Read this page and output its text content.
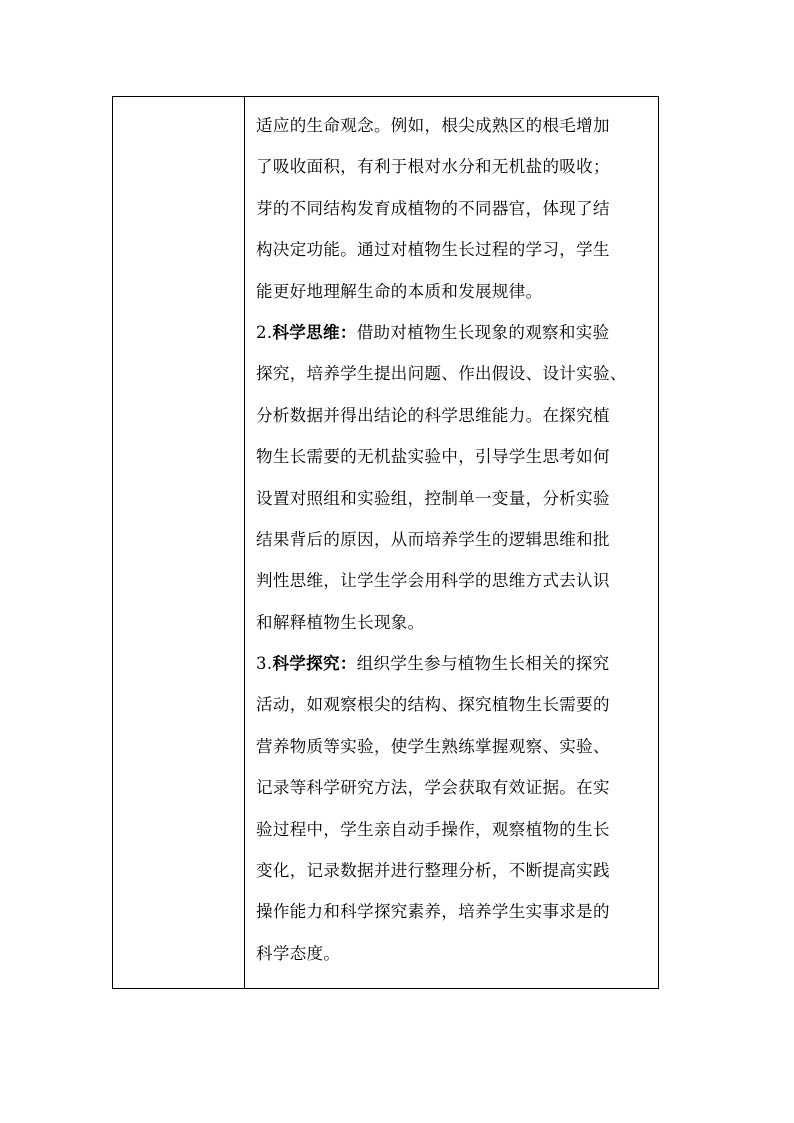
适应的生命观念。例如，根尖成熟区的根毛增加
了吸收面积，有利于根对水分和无机盐的吸收；
芽的不同结构发育成植物的不同器官，体现了结
构决定功能。通过对植物生长过程的学习，学生
能更好地理解生命的本质和发展规律。
2.科学思维：借助对植物生长现象的观察和实验
探究，培养学生提出问题、作出假设、设计实验、
分析数据并得出结论的科学思维能力。在探究植
物生长需要的无机盐实验中，引导学生思考如何
设置对照组和实验组，控制单一变量，分析实验
结果背后的原因，从而培养学生的逻辑思维和批
判性思维，让学生学会用科学的思维方式去认识
和解释植物生长现象。
3.科学探究：组织学生参与植物生长相关的探究
活动，如观察根尖的结构、探究植物生长需要的
营养物质等实验，使学生熟练掌握观察、实验、
记录等科学研究方法，学会获取有效证据。在实
验过程中，学生亲自动手操作，观察植物的生长
变化，记录数据并进行整理分析，不断提高实践
操作能力和科学探究素养，培养学生实事求是的
科学态度。
